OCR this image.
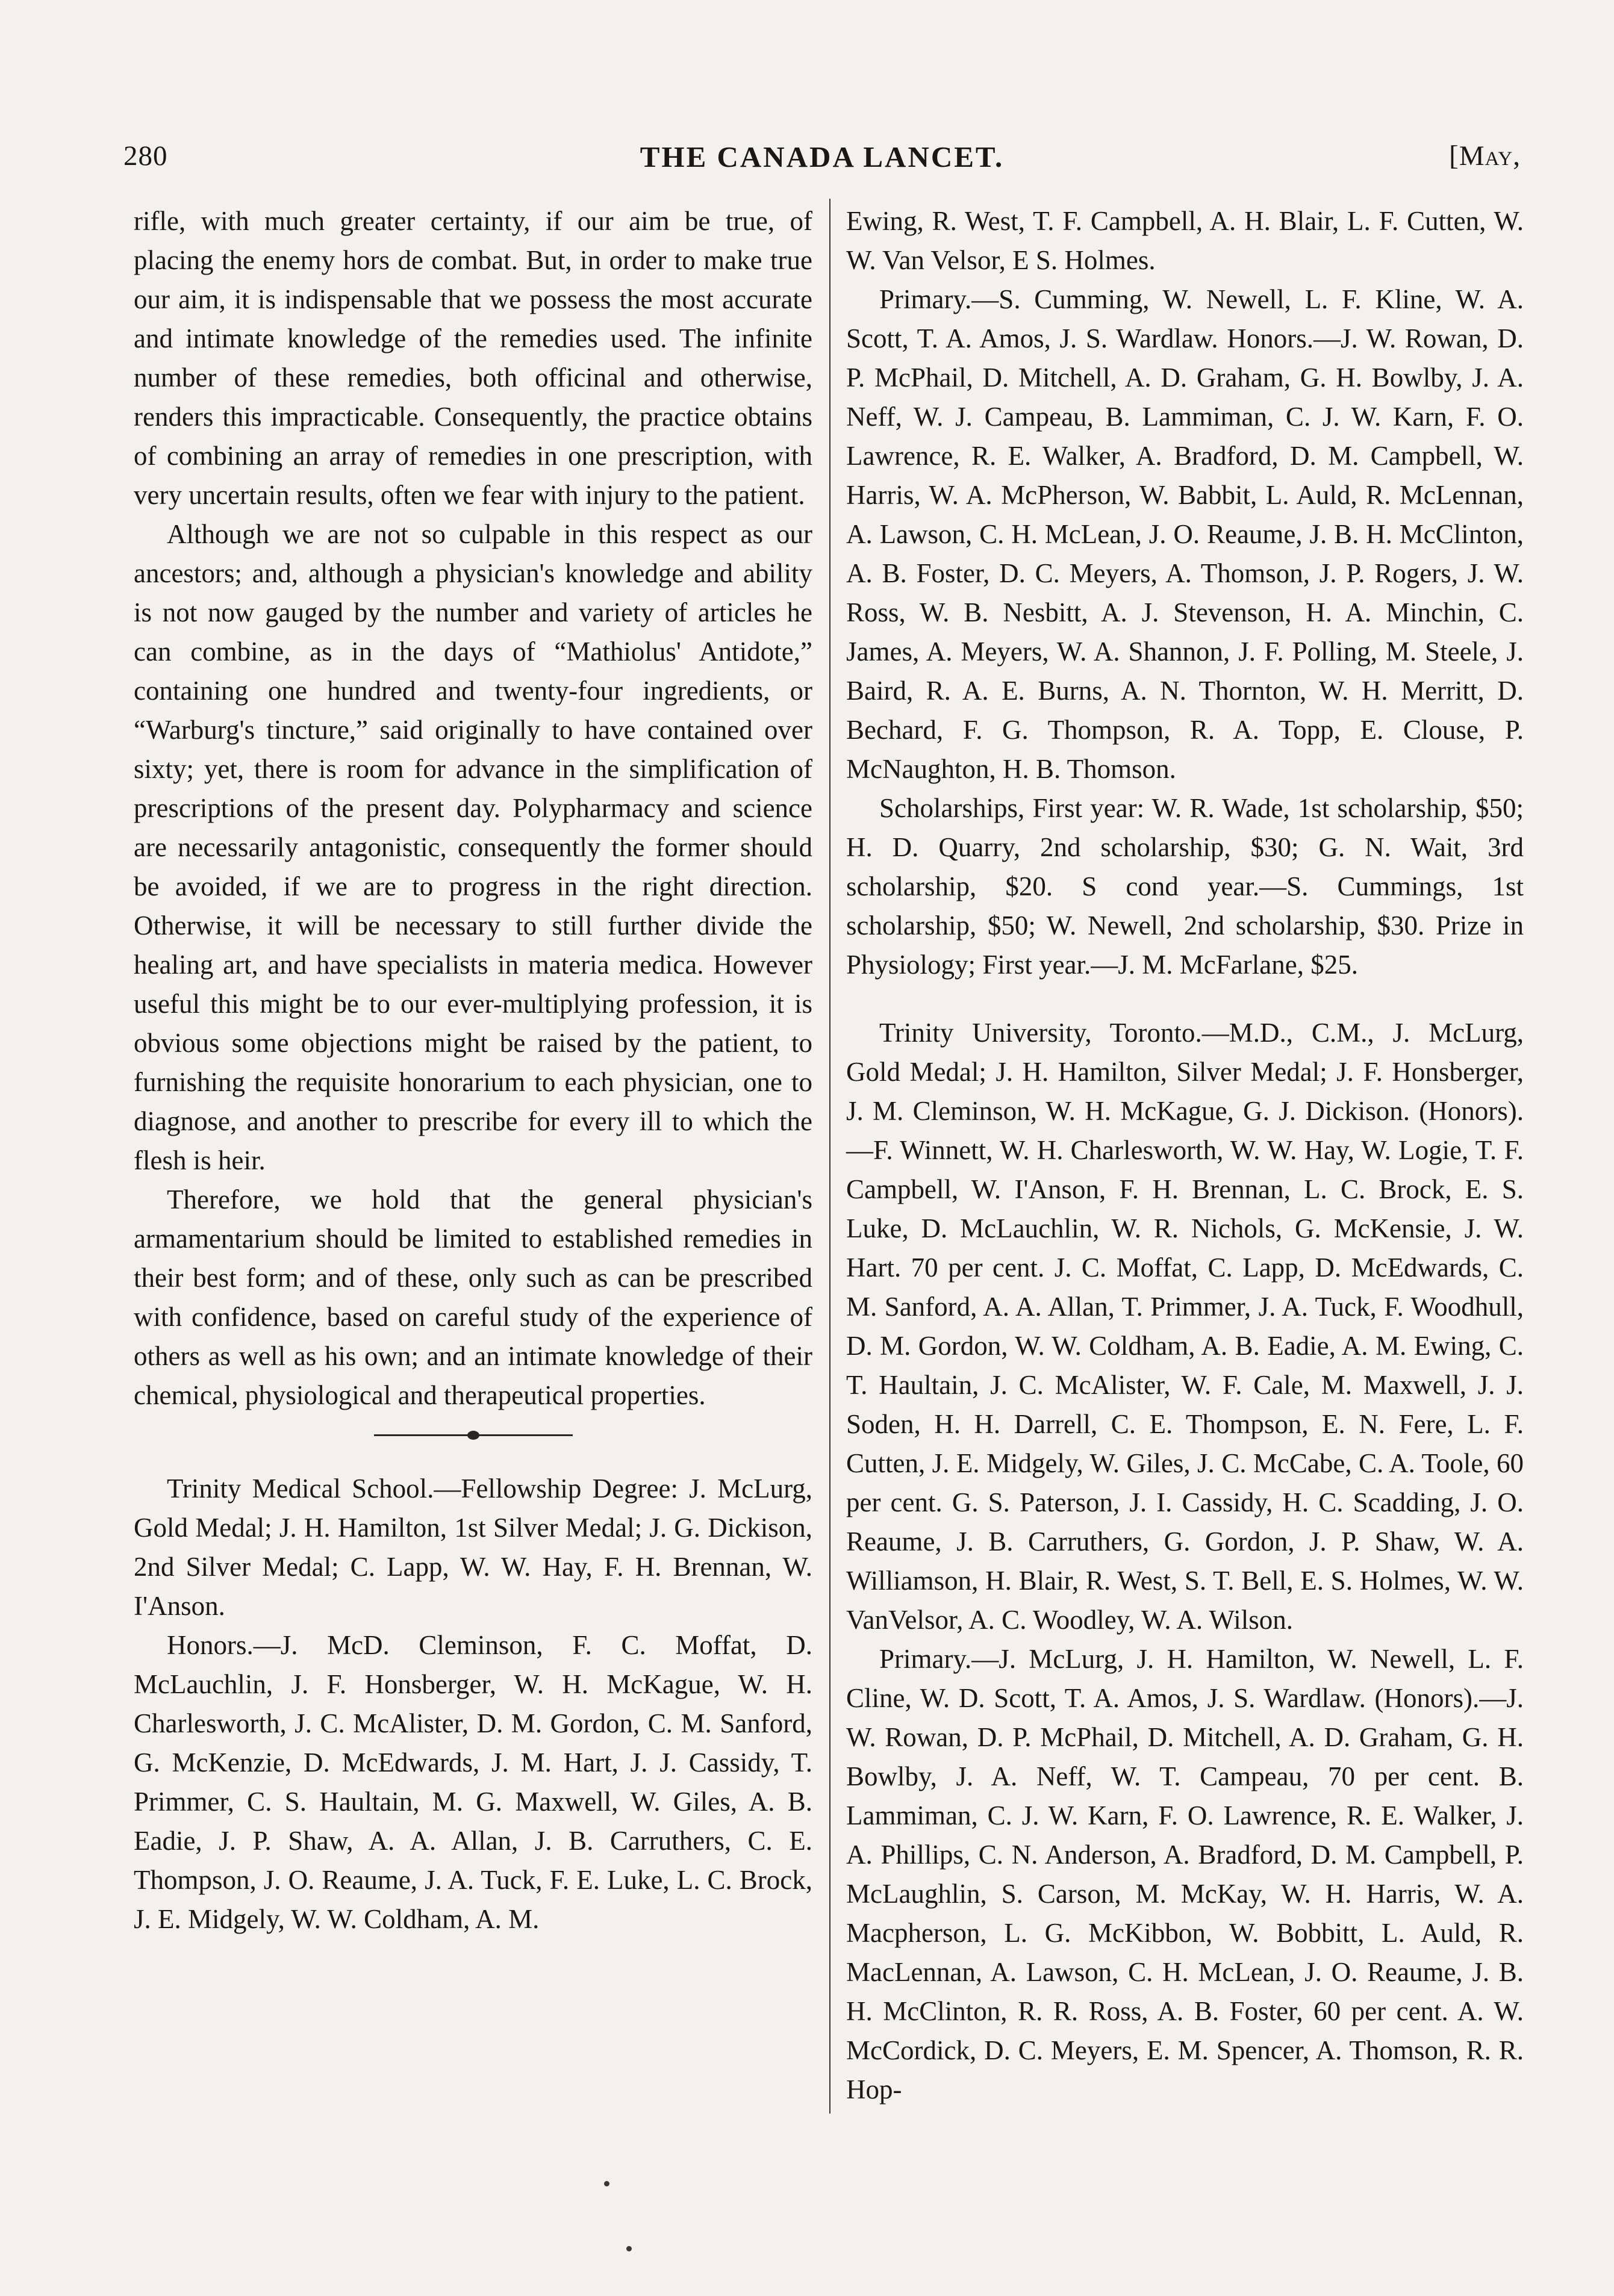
280	THE CANADA LANCET.	[May,

rifle, with much greater certainty, if our aim be true, of placing the enemy hors de combat. But, in order to make true our aim, it is indispensable that we possess the most accurate and intimate knowledge of the remedies used. The infinite number of these remedies, both officinal and otherwise, renders this impracticable. Consequently, the practice obtains of combining an array of remedies in one prescription, with very uncertain results, often we fear with injury to the patient.

Although we are not so culpable in this respect as our ancestors; and, although a physician's knowledge and ability is not now gauged by the number and variety of articles he can combine, as in the days of “Mathiolus' Antidote,” containing one hundred and twenty-four ingredients, or “Warburg's tincture,” said originally to have contained over sixty; yet, there is room for advance in the simplification of prescriptions of the present day. Polypharmacy and science are necessarily antagonistic, consequently the former should be avoided, if we are to progress in the right direction. Otherwise, it will be necessary to still further divide the healing art, and have specialists in materia medica. However useful this might be to our ever-multiplying profession, it is obvious some objections might be raised by the patient, to furnishing the requisite honorarium to each physician, one to diagnose, and another to prescribe for every ill to which the flesh is heir.

Therefore, we hold that the general physician's armamentarium should be limited to established remedies in their best form; and of these, only such as can be prescribed with confidence, based on careful study of the experience of others as well as his own; and an intimate knowledge of their chemical, physiological and therapeutical properties.

Trinity Medical School.—Fellowship Degree: J. McLurg, Gold Medal; J. H. Hamilton, 1st Silver Medal; J. G. Dickison, 2nd Silver Medal; C. Lapp, W. W. Hay, F. H. Brennan, W. I'Anson.

Honors.—J. McD. Cleminson, F. C. Moffat, D. McLauchlin, J. F. Honsberger, W. H. McKague, W. H. Charlesworth, J. C. McAlister, D. M. Gordon, C. M. Sanford, G. McKenzie, D. McEdwards, J. M. Hart, J. J. Cassidy, T. Primmer, C. S. Haultain, M. G. Maxwell, W. Giles, A. B. Eadie, J. P. Shaw, A. A. Allan, J. B. Carruthers, C. E. Thompson, J. O. Reaume, J. A. Tuck, F. E. Luke, L. C. Brock, J. E. Midgely, W. W. Coldham, A. M.

Ewing, R. West, T. F. Campbell, A. H. Blair, L. F. Cutten, W. W. Van Velsor, E S. Holmes.

Primary.—S. Cumming, W. Newell, L. F. Kline, W. A. Scott, T. A. Amos, J. S. Wardlaw. Honors.—J. W. Rowan, D. P. McPhail, D. Mitchell, A. D. Graham, G. H. Bowlby, J. A. Neff, W. J. Campeau, B. Lammiman, C. J. W. Karn, F. O. Lawrence, R. E. Walker, A. Bradford, D. M. Campbell, W. Harris, W. A. McPherson, W. Babbit, L. Auld, R. McLennan, A. Lawson, C. H. McLean, J. O. Reaume, J. B. H. McClinton, A. B. Foster, D. C. Meyers, A. Thomson, J. P. Rogers, J. W. Ross, W. B. Nesbitt, A. J. Stevenson, H. A. Minchin, C. James, A. Meyers, W. A. Shannon, J. F. Polling, M. Steele, J. Baird, R. A. E. Burns, A. N. Thornton, W. H. Merritt, D. Bechard, F. G. Thompson, R. A. Topp, E. Clouse, P. McNaughton, H. B. Thomson.

Scholarships, First year: W. R. Wade, 1st scholarship, $50; H. D. Quarry, 2nd scholarship, $30; G. N. Wait, 3rd scholarship, $20. S cond year.—S. Cummings, 1st scholarship, $50; W. Newell, 2nd scholarship, $30. Prize in Physiology; First year.—J. M. McFarlane, $25.

Trinity University, Toronto.—M.D., C.M., J. McLurg, Gold Medal; J. H. Hamilton, Silver Medal; J. F. Honsberger, J. M. Cleminson, W. H. McKague, G. J. Dickison. (Honors).—F. Winnett, W. H. Charlesworth, W. W. Hay, W. Logie, T. F. Campbell, W. I'Anson, F. H. Brennan, L. C. Brock, E. S. Luke, D. McLauchlin, W. R. Nichols, G. McKensie, J. W. Hart. 70 per cent. J. C. Moffat, C. Lapp, D. McEdwards, C. M. Sanford, A. A. Allan, T. Primmer, J. A. Tuck, F. Woodhull, D. M. Gordon, W. W. Coldham, A. B. Eadie, A. M. Ewing, C. T. Haultain, J. C. McAlister, W. F. Cale, M. Maxwell, J. J. Soden, H. H. Darrell, C. E. Thompson, E. N. Fere, L. F. Cutten, J. E. Midgely, W. Giles, J. C. McCabe, C. A. Toole, 60 per cent. G. S. Paterson, J. I. Cassidy, H. C. Scadding, J. O. Reaume, J. B. Carruthers, G. Gordon, J. P. Shaw, W. A. Williamson, H. Blair, R. West, S. T. Bell, E. S. Holmes, W. W. VanVelsor, A. C. Woodley, W. A. Wilson.

Primary.—J. McLurg, J. H. Hamilton, W. Newell, L. F. Cline, W. D. Scott, T. A. Amos, J. S. Wardlaw. (Honors).—J. W. Rowan, D. P. McPhail, D. Mitchell, A. D. Graham, G. H. Bowlby, J. A. Neff, W. T. Campeau, 70 per cent. B. Lammiman, C. J. W. Karn, F. O. Lawrence, R. E. Walker, J. A. Phillips, C. N. Anderson, A. Bradford, D. M. Campbell, P. McLaughlin, S. Carson, M. McKay, W. H. Harris, W. A. Macpherson, L. G. McKibbon, W. Bobbitt, L. Auld, R. MacLennan, A. Lawson, C. H. McLean, J. O. Reaume, J. B. H. McClinton, R. R. Ross, A. B. Foster, 60 per cent. A. W. McCordick, D. C. Meyers, E. M. Spencer, A. Thomson, R. R. Hop-
